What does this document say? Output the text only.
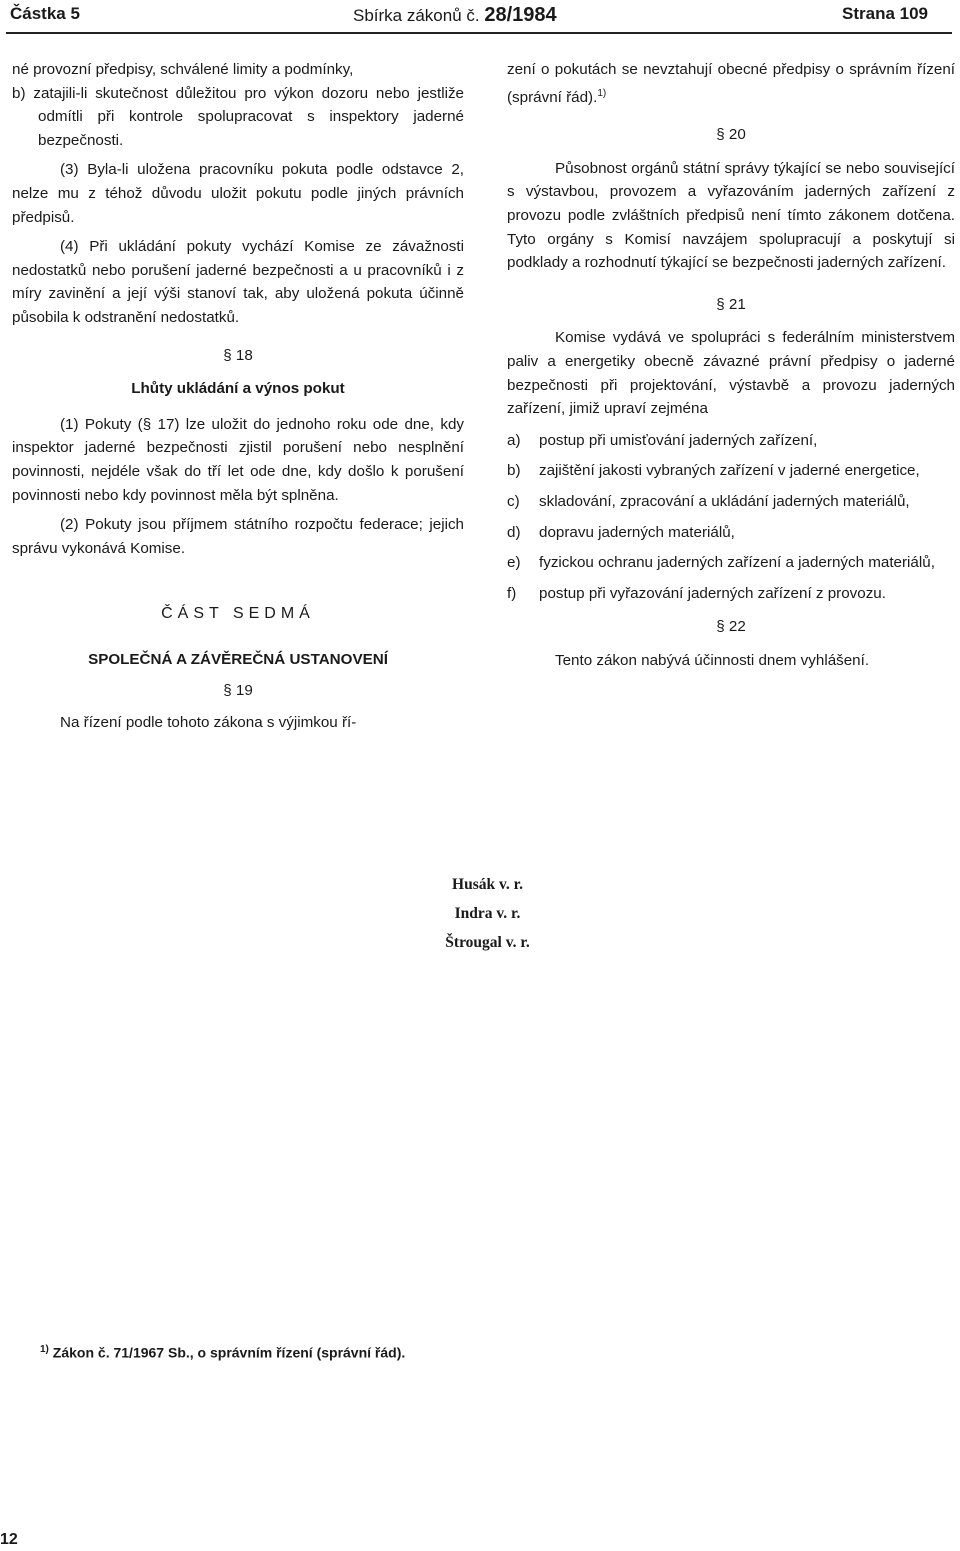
Částka 5	Sbírka zákonů č. 28/1984	Strana 109

né provozní předpisy, schválené limity a podmínky,

b) zatajili-li skutečnost důležitou pro výkon dozoru nebo jestliže odmítli při kontrole spolupracovat s inspektory jaderné bezpečnosti.

(3) Byla-li uložena pracovníku pokuta podle odstavce 2, nelze mu z téhož důvodu uložit pokutu podle jiných právních předpisů.

(4) Při ukládání pokuty vychází Komise ze závažnosti nedostatků nebo porušení jaderné bezpečnosti a u pracovníků i z míry zavinění a její výši stanoví tak, aby uložená pokuta účinně působila k odstranění nedostatků.

§ 18
Lhůty ukládání a výnos pokut

(1) Pokuty (§ 17) lze uložit do jednoho roku ode dne, kdy inspektor jaderné bezpečnosti zjistil porušení nebo nesplnění povinnosti, nejdéle však do tří let ode dne, kdy došlo k porušení povinnosti nebo kdy povinnost měla být splněna.

(2) Pokuty jsou příjmem státního rozpočtu federace; jejich správu vykonává Komise.

ČÁST SEDMÁ
SPOLEČNÁ A ZÁVĚREČNÁ USTANOVENÍ
§ 19

Na řízení podle tohoto zákona s výjimkou ří-

zení o pokutách se nevztahují obecné předpisy o správním řízení (správní řád).$^{1)}$

§ 20

Působnost orgánů státní správy týkající se nebo související s výstavbou, provozem a vyřazováním jaderných zařízení z provozu podle zvláštních předpisů není tímto zákonem dotčena. Tyto orgány s Komisí navzájem spolupracují a poskytují si podklady a rozhodnutí týkající se bezpečnosti jaderných zařízení.

§ 21

Komise vydává ve spolupráci s federálním ministerstvem paliv a energetiky obecně závazné právní předpisy o jaderné bezpečnosti při projektování, výstavbě a provozu jaderných zařízení, jimiž upraví zejména

a)	postup při umisťování jaderných zařízení,
b)	zajištění jakosti vybraných zařízení v jaderné energetice,
c)	skladování, zpracování a ukládání jaderných materiálů,
d)	dopravu jaderných materiálů,
e)	fyzickou ochranu jaderných zařízení a jaderných materiálů,
f)	postup při vyřazování jaderných zařízení z provozu.
§ 22

Tento zákon nabývá účinnosti dnem vyhlášení.

Husák v. r.
Indra v. r.
Štrougal v. r.
$^{1)}$ Zákon č. 71/1967 Sb., o správním řízení (správní řád).
12
